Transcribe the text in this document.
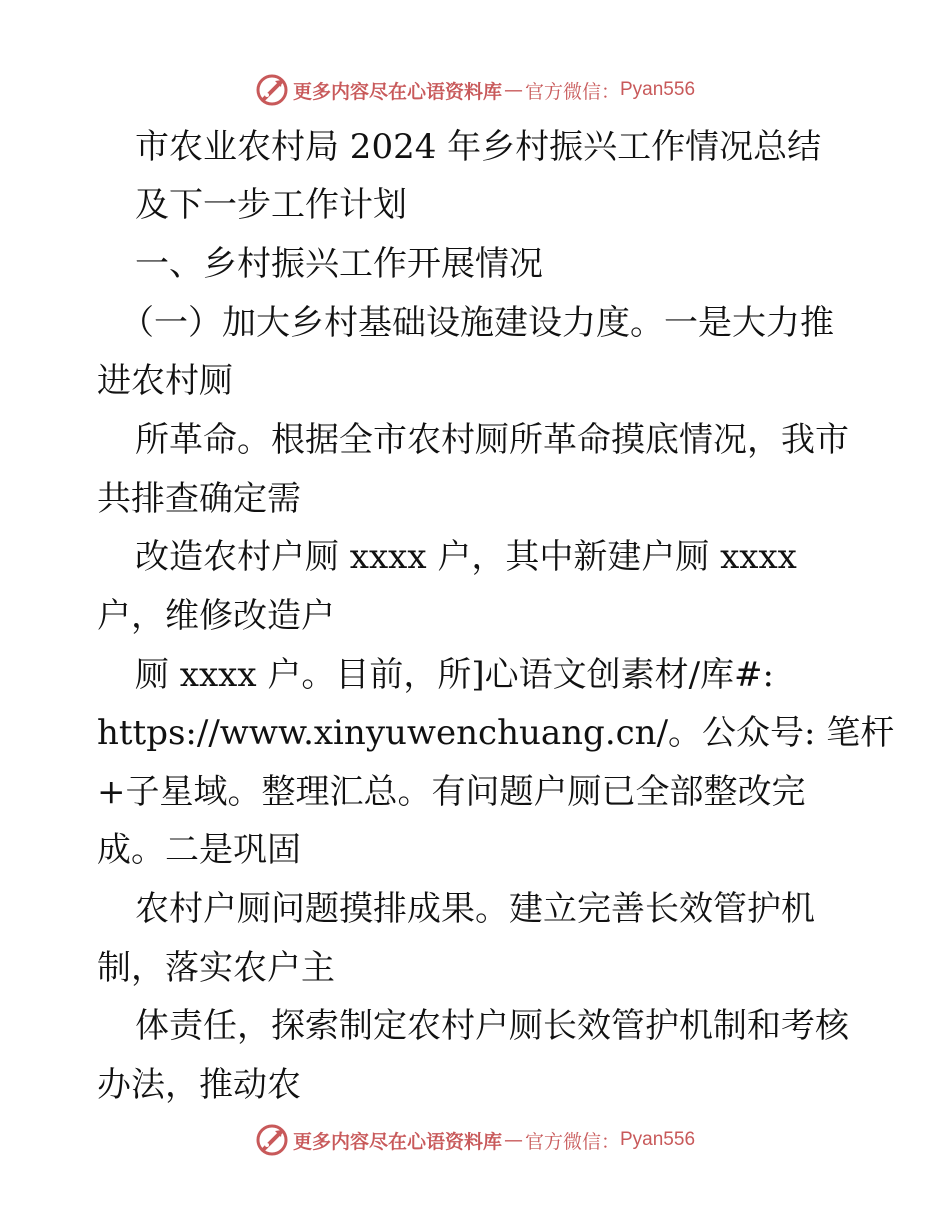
更多内容尽在心语资料库 — 官方微信： Pyan556
市农业农村局 2024 年乡村振兴工作情况总结
及下一步工作计划
一、乡村振兴工作开展情况
（一）加大乡村基础设施建设力度。一是大力推
进农村厕
所革命。根据全市农村厕所革命摸底情况，我市
共排查确定需
改造农村户厕 xxxx 户，其中新建户厕 xxxx
户，维修改造户
厕 xxxx 户。目前，所]心语文创素材/库#:
https://www.xinyuwenchuang.cn/。公众号: 笔杆
+子星域。整理汇总。有问题户厕已全部整改完
成。二是巩固
农村户厕问题摸排成果。建立完善长效管护机
制，落实农户主
体责任，探索制定农村户厕长效管护机制和考核
办法，推动农
更多内容尽在心语资料库 — 官方微信： Pyan556
